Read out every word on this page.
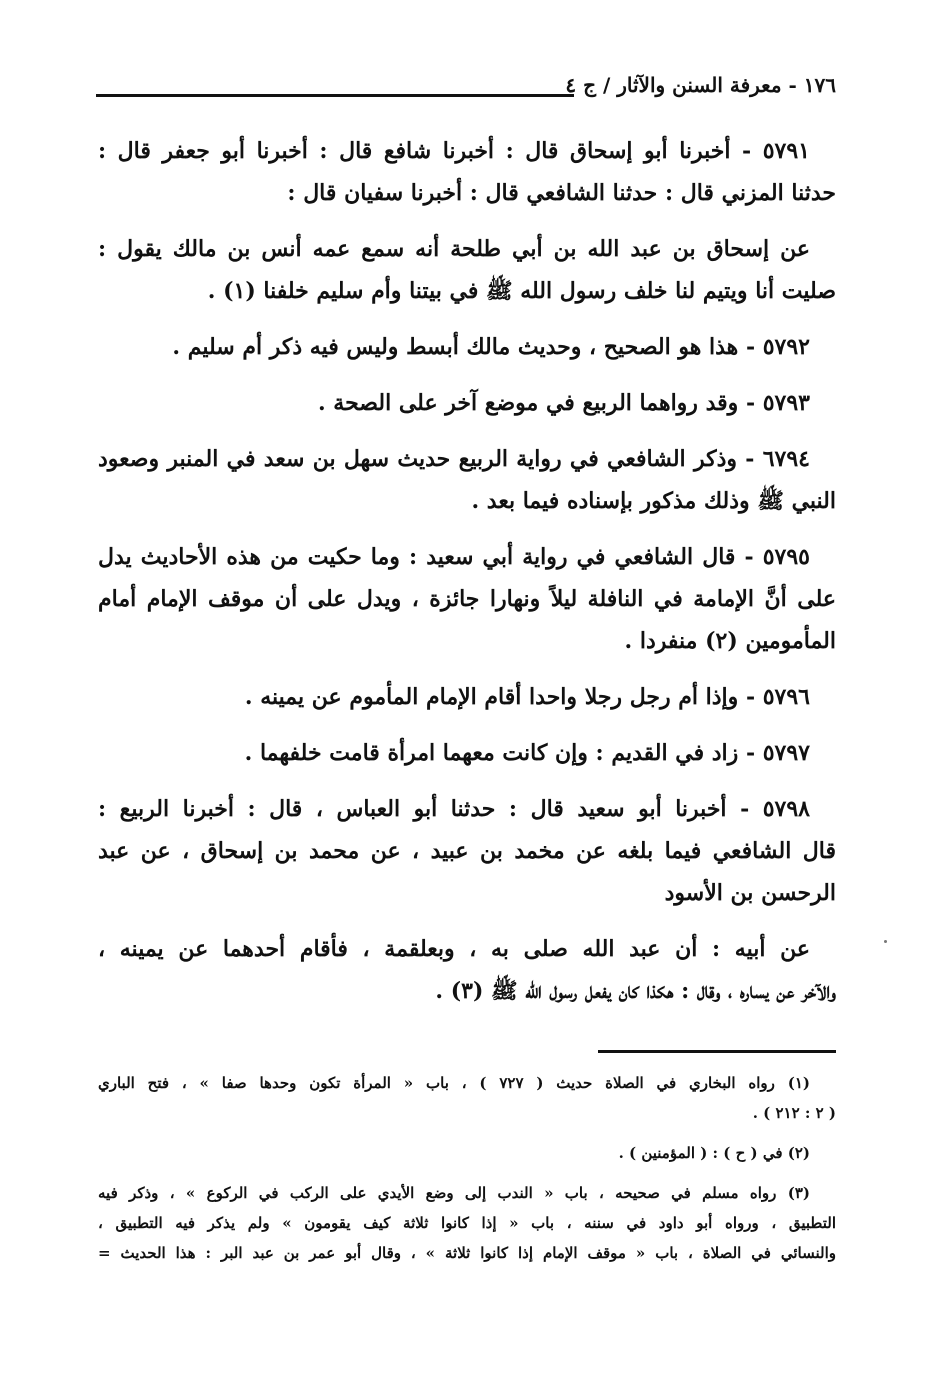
١٧٦ - معرفة السنن والآثار / ج ٤
٥٧٩١ - أخبرنا أبو إسحاق قال : أخبرنا شافع قال : أخبرنا أبو جعفر قال :
حدثنا المزني قال : حدثنا الشافعي قال : أخبرنا سفيان قال :
عن إسحاق بن عبد الله بن أبي طلحة أنه سمع عمه أنس بن مالك يقول :
صليت أنا ويتيم لنا خلف رسول الله ﷺ في بيتنا وأم سليم خلفنا (١) .
٥٧٩٢ - هذا هو الصحيح ، وحديث مالك أبسط وليس فيه ذكر أم سليم .
٥٧٩٣ - وقد رواهما الربيع في موضع آخر على الصحة .
٦٧٩٤ - وذكر الشافعي في رواية الربيع حديث سهل بن سعد في المنبر وصعود
النبي ﷺ وذلك مذكور بإسناده فيما بعد .
٥٧٩٥ - قال الشافعي في رواية أبي سعيد : وما حكيت من هذه الأحاديث يدل
على أنَّ الإمامة في النافلة ليلاً ونهارا جائزة ، ويدل على أن موقف الإمام أمام
المأمومين (٢) منفردا .
٥٧٩٦ - وإذا أم رجل رجلا واحدا أقام الإمام المأموم عن يمينه .
٥٧٩٧ - زاد في القديم : وإن كانت معهما امرأة قامت خلفهما .
٥٧٩٨ - أخبرنا أبو سعيد قال : حدثنا أبو العباس ، قال : أخبرنا الربيع :
قال الشافعي فيما بلغه عن مخمد بن عبيد ، عن محمد بن إسحاق ، عن عبد
الرحسن بن الأسود
عن أبيه : أن عبد الله صلى به ، وبعلقمة ، فأقام أحدهما عن يمينه ،
والآخر عن يساره ، وقال : هكذا كان يفعل رسول الله ﷺ (٣) .
(١) رواه البخاري في الصلاة حديث ( ٧٢٧ ) ، باب « المرأة تكون وحدها صفا » ، فتح الباري
( ٢ : ٢١٢ ) .
(٢) في ( ح ) : ( المؤمنين ) .
(٣) رواه مسلم في صحيحه ، باب « الندب إلى وضع الأيدي على الركب في الركوع » ، وذكر فيه
التطبيق ، ورواه أبو داود في سننه ، باب « إذا كانوا ثلاثة كيف يقومون » ولم يذكر فيه التطبيق ،
والنسائي في الصلاة ، باب « موقف الإمام إذا كانوا ثلاثة » ، وقال أبو عمر بن عبد البر : هذا الحديث =
